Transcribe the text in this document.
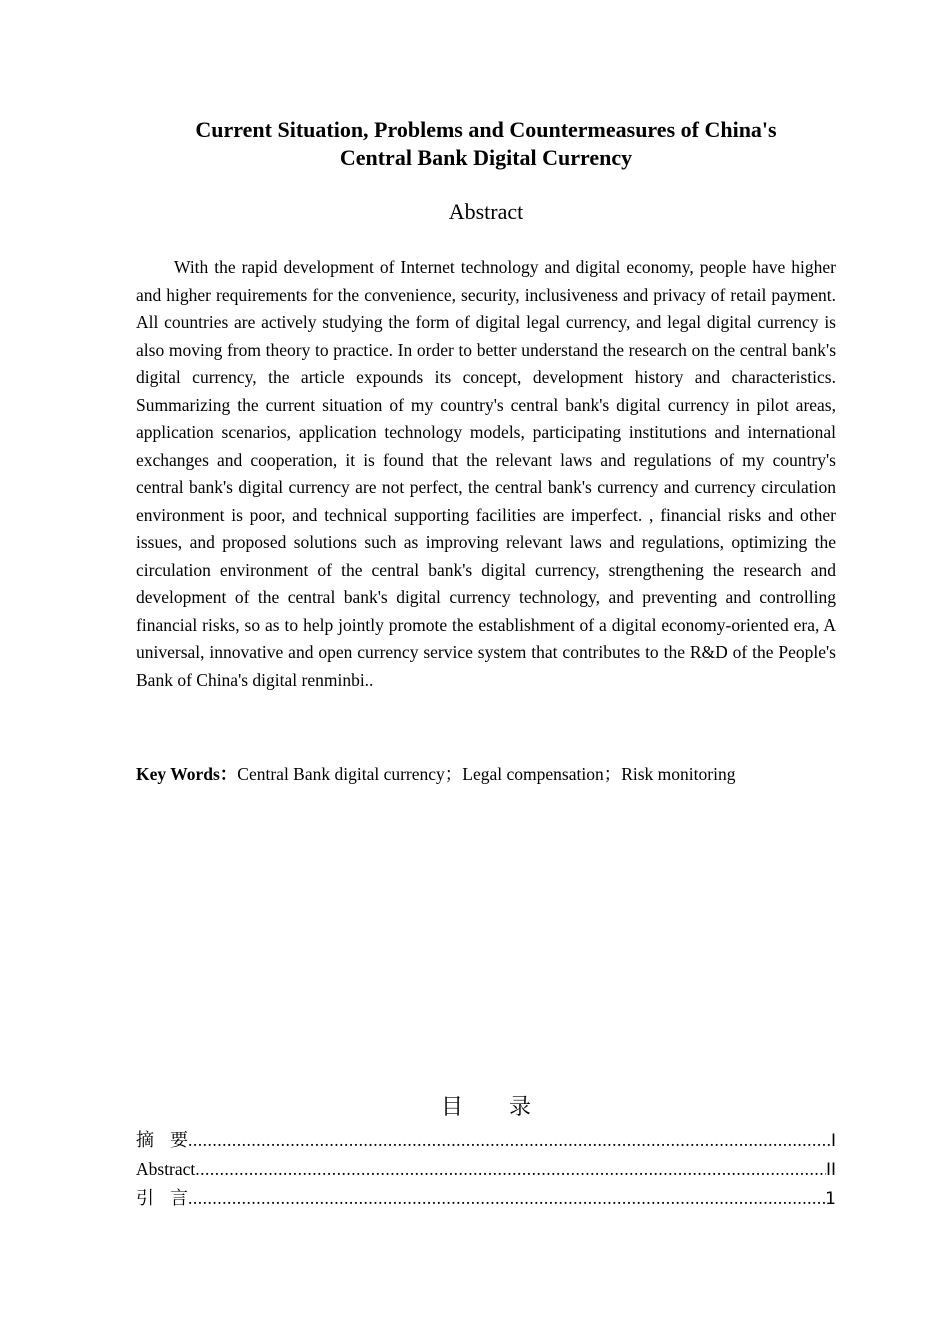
Current Situation, Problems and Countermeasures of China's
Central Bank Digital Currency
Abstract

With the rapid development of Internet technology and digital economy, people have higher and higher requirements for the convenience, security, inclusiveness and privacy of retail payment. All countries are actively studying the form of digital legal currency, and legal digital currency is also moving from theory to practice. In order to better understand the research on the central bank's digital currency, the article expounds its concept, development history and characteristics. Summarizing the current situation of my country's central bank's digital currency in pilot areas, application scenarios, application technology models, participating institutions and international exchanges and cooperation, it is found that the relevant laws and regulations of my country's central bank's digital currency are not perfect, the central bank's currency and currency circulation environment is poor, and technical supporting facilities are imperfect. , financial risks and other issues, and proposed solutions such as improving relevant laws and regulations, optimizing the circulation environment of the central bank's digital currency, strengthening the research and development of the central bank's digital currency technology, and preventing and controlling financial risks, so as to help jointly promote the establishment of a digital economy-oriented era, A universal, innovative and open currency service system that contributes to the R&D of the People's Bank of China's digital renminbi..

Key Words：Central Bank digital currency；Legal compensation；Risk monitoring
目 录
摘 要 .....	I
Abstract .....	II
引 言 .....	1
